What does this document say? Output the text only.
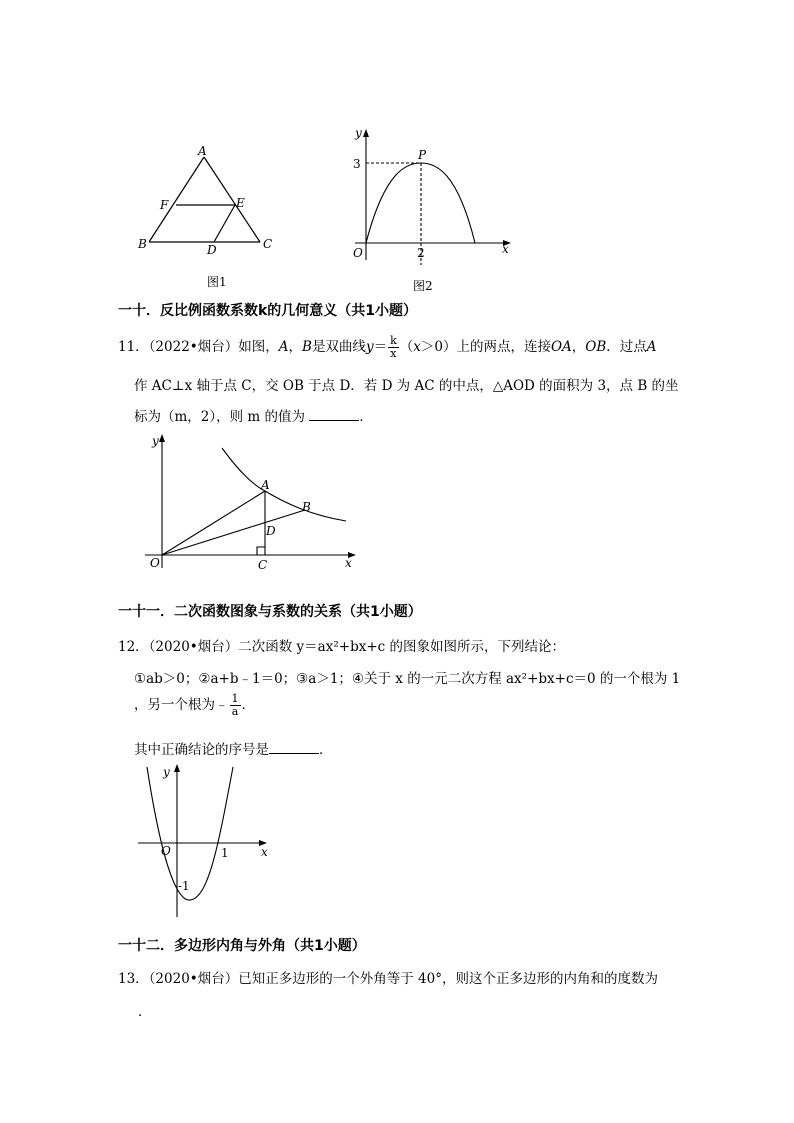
A
F	E
B	D	C
图1
y
x
O
P
3
2
图2
一十．反比例函数系数k的几何意义（共1小题）
11．（2022•烟台）如图，A，B是双曲线$y= \frac{k}{x} (x>0)$上的两点，连接OA，OB．过点A
作 AC⊥x 轴于点 C，交 OB 于点 D．若 D 为 AC 的中点，△AOD 的面积为 3，点 B 的坐
标为（m，2），则 m 的值为	．
y
x
O
A
B
D
C
一十一．二次函数图象与系数的关系（共1小题）
12．（2020•烟台）二次函数 y＝ax²+bx+c 的图象如图所示，下列结论：
①ab＞0；②a+b﹣1＝0；③a＞1；④关于 x 的一元二次方程 ax²+bx+c＝0 的一个根为 1
，另一个根为﹣ $\frac{1}{a}$ ．
其中正确结论的序号是	．
y
x
O	1
-1
一十二．多边形内角与外角（共1小题）
13．（2020•烟台）已知正多边形的一个外角等于 40°，则这个正多边形的内角和的度数为
．
